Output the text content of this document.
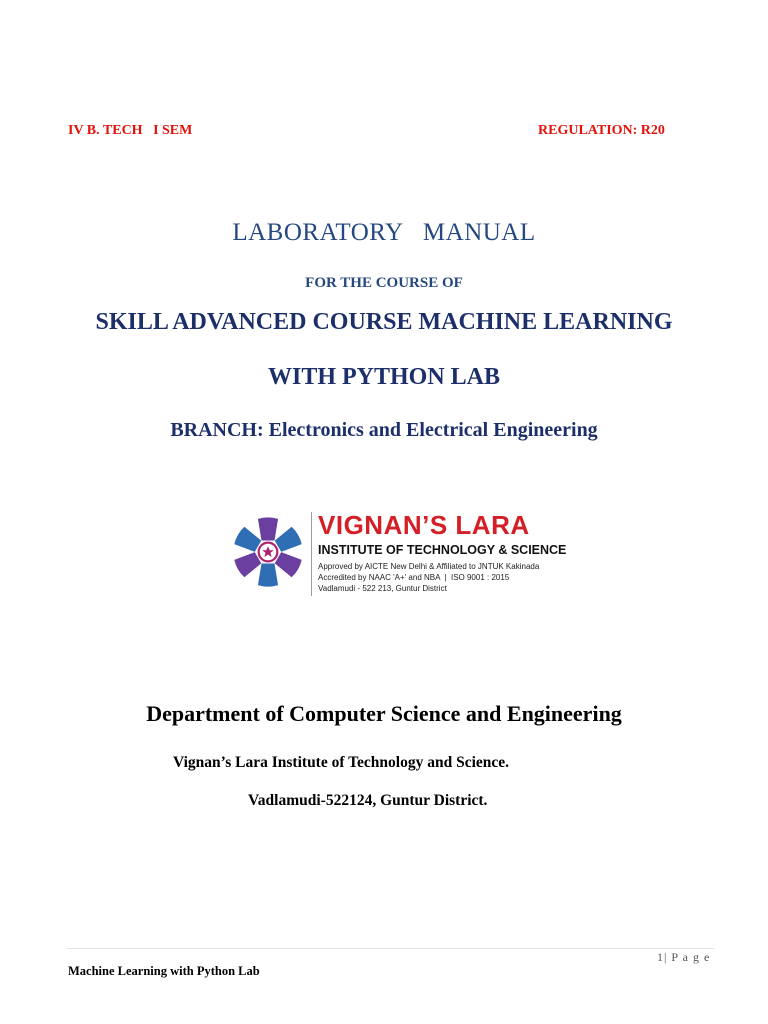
IV B. TECH   I SEM	REGULATION: R20
LABORATORY   MANUAL
FOR THE COURSE OF
SKILL ADVANCED COURSE MACHINE LEARNING
WITH PYTHON LAB
BRANCH: Electronics and Electrical Engineering
VIGNAN’S LARA
INSTITUTE OF TECHNOLOGY & SCIENCE
Approved by AICTE New Delhi & Affiliated to JNTUK Kakinada
Accredited by NAAC 'A+' and NBA  |  ISO 9001 : 2015
Vadlamudi - 522 213, Guntur District
Department of Computer Science and Engineering
Vignan’s Lara Institute of Technology and Science.
Vadlamudi-522124, Guntur District.
1| P a g e
Machine Learning with Python Lab
